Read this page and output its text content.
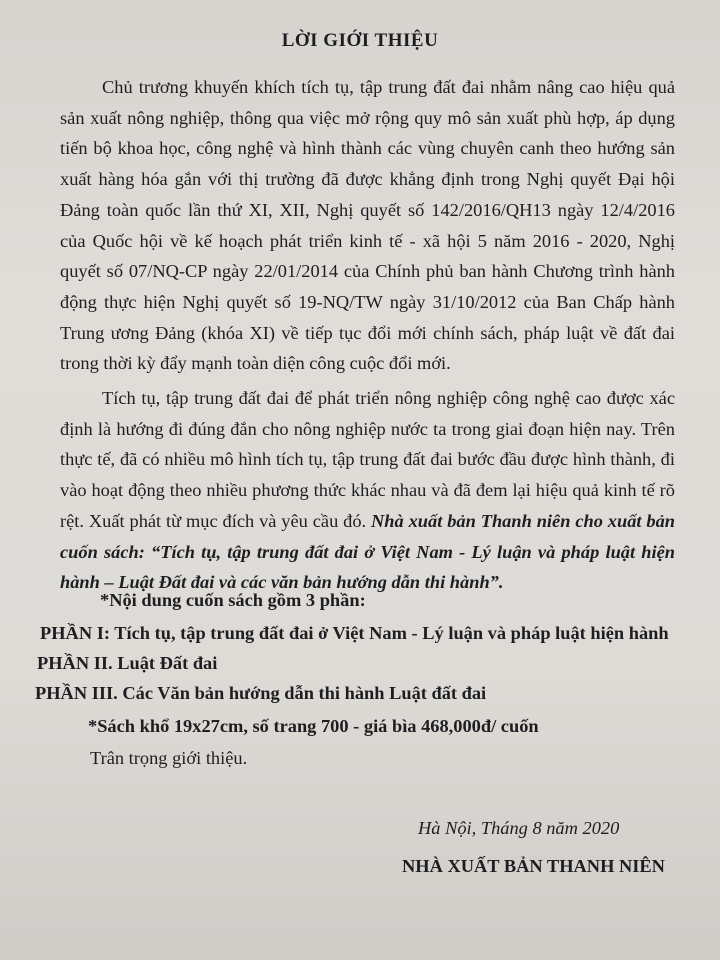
LỜI GIỚI THIỆU

Chủ trương khuyến khích tích tụ, tập trung đất đai nhằm nâng cao hiệu quả sản xuất nông nghiệp, thông qua việc mở rộng quy mô sản xuất phù hợp, áp dụng tiến bộ khoa học, công nghệ và hình thành các vùng chuyên canh theo hướng sản xuất hàng hóa gắn với thị trường đã được khẳng định trong Nghị quyết Đại hội Đảng toàn quốc lần thứ XI, XII, Nghị quyết số 142/2016/QH13 ngày 12/4/2016 của Quốc hội về kế hoạch phát triển kinh tế - xã hội 5 năm 2016 - 2020, Nghị quyết số 07/NQ-CP ngày 22/01/2014 của Chính phủ ban hành Chương trình hành động thực hiện Nghị quyết số 19-NQ/TW ngày 31/10/2012 của Ban Chấp hành Trung ương Đảng (khóa XI) về tiếp tục đổi mới chính sách, pháp luật về đất đai trong thời kỳ đẩy mạnh toàn diện công cuộc đổi mới.

Tích tụ, tập trung đất đai để phát triển nông nghiệp công nghệ cao được xác định là hướng đi đúng đắn cho nông nghiệp nước ta trong giai đoạn hiện nay. Trên thực tế, đã có nhiều mô hình tích tụ, tập trung đất đai bước đầu được hình thành, đi vào hoạt động theo nhiều phương thức khác nhau và đã đem lại hiệu quả kinh tế rõ rệt. Xuất phát từ mục đích và yêu cầu đó. Nhà xuất bản Thanh niên cho xuất bản cuốn sách: “Tích tụ, tập trung đất đai ở Việt Nam - Lý luận và pháp luật hiện hành – Luật Đất đai và các văn bản hướng dẫn thi hành”.

*Nội dung cuốn sách gồm 3 phần:
PHẦN I: Tích tụ, tập trung đất đai ở Việt Nam - Lý luận và pháp luật hiện hành
PHẦN II. Luật Đất đai
PHẦN III. Các Văn bản hướng dẫn thi hành Luật đất đai
*Sách khổ 19x27cm, số trang 700 - giá bìa 468,000đ/ cuốn
Trân trọng giới thiệu.
Hà Nội, Tháng 8 năm 2020
NHÀ XUẤT BẢN THANH NIÊN
